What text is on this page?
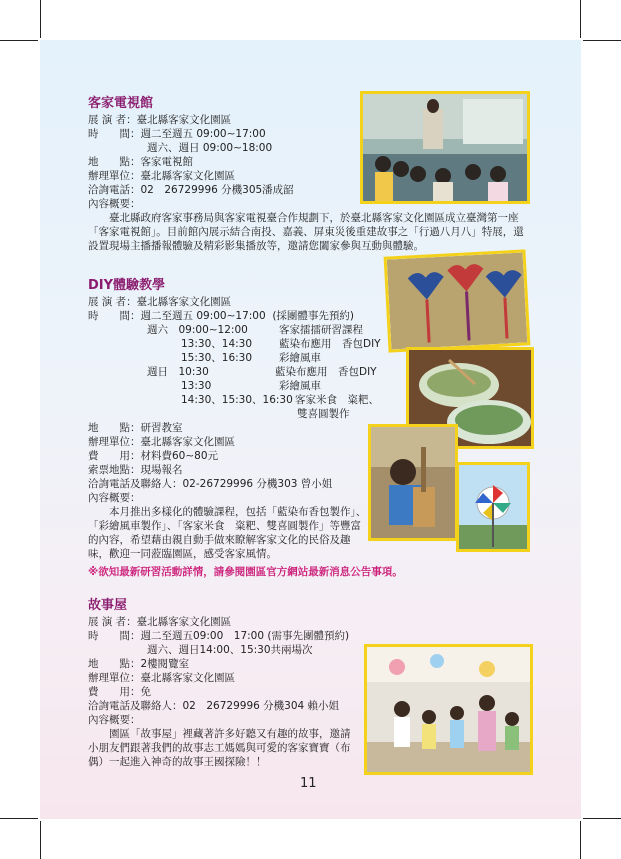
客家電視館
展 演 者：臺北縣客家文化園區
時　　間：週二至週五 09:00∼17:00
週六、週日 09:00∼18:00
地　　點：客家電視館
辦理單位：臺北縣客家文化園區
洽詢電話：02　26729996 分機305潘成韶
內容概要：
臺北縣政府客家事務局與客家電視臺合作規劃下，於臺北縣客家文化園區成立臺灣第一座「客家電視館」。目前館內展示結合南投、嘉義、屏東災後重建故事之「行過八月八」特展，還設置現場主播播報體驗及精彩影集播放等，邀請您闔家參與互動與體驗。
DIY體驗教學
展 演 者：臺北縣客家文化園區
時　　間：週二至週五 09:00∼17:00  (採團體事先預約)
週六　09:00∼12:00	客家擂擂研習課程
13:30、14:30	藍染布應用　香包DIY
15:30、16:30	彩繪風車
週日　10:30	藍染布應用　香包DIY
13:30	彩繪風車
14:30、15:30、16:30 客家米食　粢粑、
雙喜圓製作
地　　點：研習教室
辦理單位：臺北縣客家文化園區
費　　用：材料費60∼80元
索票地點：現場報名
洽詢電話及聯絡人：02-26729996 分機303 曾小姐
內容概要：
本月推出多樣化的體驗課程，包括「藍染布香包製作」、「彩繪風車製作」、「客家米食　粢粑、雙喜圓製作」等豐富的內容，希望藉由親自動手做來瞭解客家文化的民俗及趣味，歡迎一同蒞臨園區，感受客家風情。
※欲知最新研習活動詳情，請參閱園區官方網站最新消息公告事項。
故事屋
展 演 者：臺北縣客家文化園區
時　　間：週二至週五09:00　17:00 (需事先團體預約)
週六、週日14:00、15:30共兩場次
地　　點：2樓閱覽室
辦理單位：臺北縣客家文化園區
費　　用：免
洽詢電話及聯絡人：02　26729996 分機304 賴小姐
內容概要：
園區「故事屋」裡藏著許多好聽又有趣的故事，邀請小朋友們跟著我們的故事志工媽媽與可愛的客家寶寶（布偶）一起進入神奇的故事王國探險！！
11
